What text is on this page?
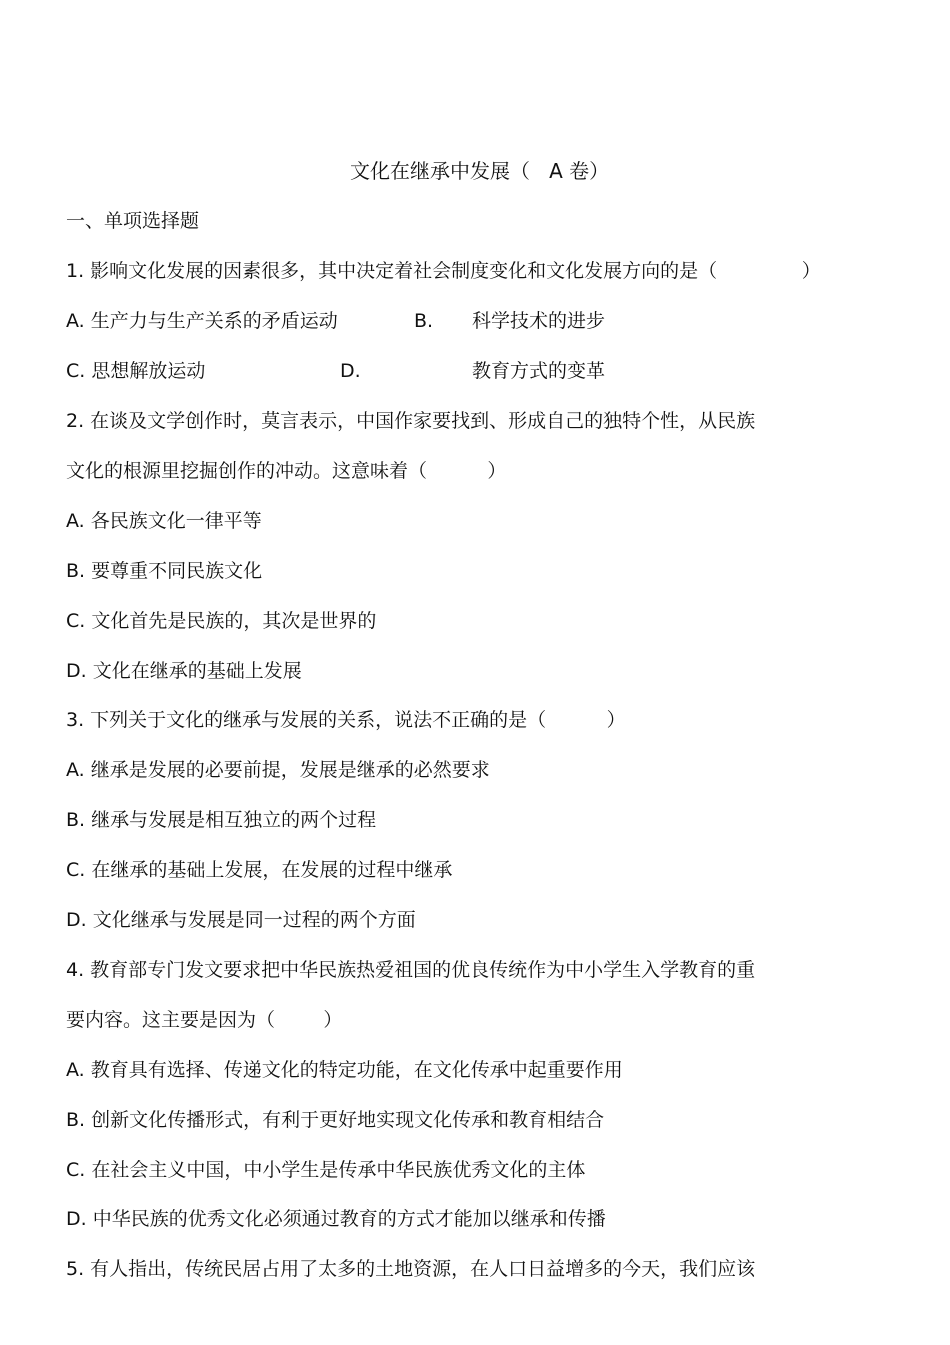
文化在继承中发展（   A 卷）
一、单项选择题
1. 影响文化发展的因素很多，其中决定着社会制度变化和文化发展方向的是（              ）
A. 生产力与生产关系的矛盾运动	B. 科学技术的进步
C. 思想解放运动	D.	教育方式的变革
2. 在谈及文学创作时，莫言表示，中国作家要找到、形成自己的独特个性，从民族
文化的根源里挖掘创作的冲动。这意味着（          ）
A. 各民族文化一律平等
B. 要尊重不同民族文化
C. 文化首先是民族的，其次是世界的
D. 文化在继承的基础上发展
3. 下列关于文化的继承与发展的关系，说法不正确的是（          ）
A. 继承是发展的必要前提，发展是继承的必然要求
B. 继承与发展是相互独立的两个过程
C. 在继承的基础上发展，在发展的过程中继承
D. 文化继承与发展是同一过程的两个方面
4. 教育部专门发文要求把中华民族热爱祖国的优良传统作为中小学生入学教育的重
要内容。这主要是因为（        ）
A. 教育具有选择、传递文化的特定功能，在文化传承中起重要作用
B. 创新文化传播形式，有利于更好地实现文化传承和教育相结合
C. 在社会主义中国，中小学生是传承中华民族优秀文化的主体
D. 中华民族的优秀文化必须通过教育的方式才能加以继承和传播
5. 有人指出，传统民居占用了太多的土地资源，在人口日益增多的今天，我们应该
